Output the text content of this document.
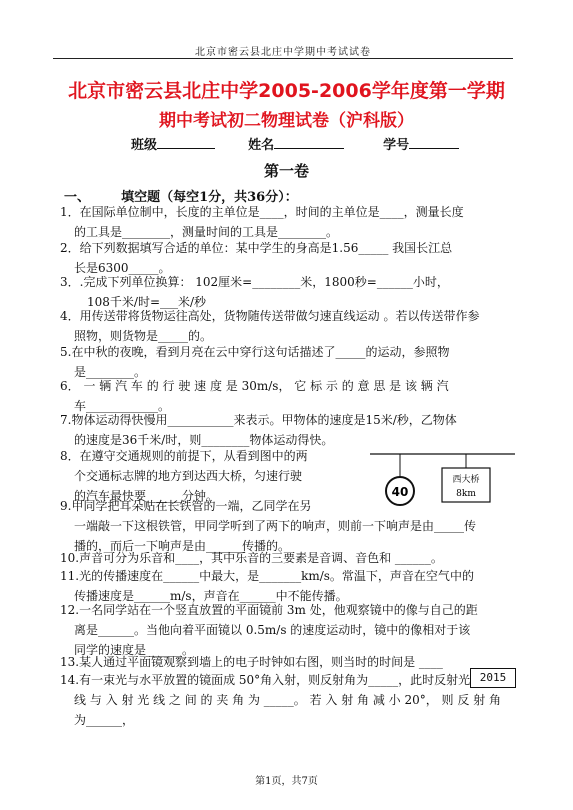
北京市密云县北庄中学期中考试试卷
北京市密云县北庄中学2005-2006学年度第一学期
期中考试初二物理试卷（沪科版）
班级	姓名	学号
第一卷
一、 填空题（每空1分，共36分）：
1．在国际单位制中，长度的主单位是____，时间的主单位是____，测量长度
的工具是________，测量时间的工具是________。
2．给下列数据填写合适的单位：某中学生的身高是1.56_____ 我国长江总
长是6300_____。
3．.完成下列单位换算： 102厘米=________米，1800秒=______小时，
108千米/时=___米/秒
4．用传送带将货物运往高处，货物随传送带做匀速直线运动 。若以传送带作参
照物，则货物是_____的。
5.在中秋的夜晚，看到月亮在云中穿行这句话描述了_____的运动，参照物
是________。
6． 一 辆 汽 车 的 行 驶 速 度 是 30m/s， 它 标 示 的 意 思 是 该 辆 汽
车____________。
7.物体运动得快慢用___________来表示。甲物体的速度是15米/秒，乙物体
的速度是36千米/时，则________物体运动得快。
8．在遵守交通规则的前提下，从看到图中的两
个交通标志牌的地方到达西大桥，匀速行驶
的汽车最快要______分钟。	40
西大桥
8km
9.甲同学把耳朵贴在长铁管的一端，乙同学在另
一端敲一下这根铁管，甲同学听到了两下的响声，则前一下响声是由_____传
播的，而后一下响声是由______传播的。
10.声音可分为乐音和____，其中乐音的三要素是音调、音色和 ______。
11.光的传播速度在______中最大，是_______km/s。常温下，声音在空气中的
传播速度是______m/s，声音在______中不能传播。
12.一名同学站在一个竖直放置的平面镜前 3m 处，他观察镜中的像与自己的距
离是______。当他向着平面镜以 0.5m/s 的速度运动时，镜中的像相对于该
同学的速度是______。
13.某人通过平面镜观察到墙上的电子时钟如右图，则当时的时间是 ____
2015
14.有一束光与水平放置的镜面成 50°角入射，则反射角为_____，此时反射光
线 与 入 射 光 线 之 间 的 夹 角 为 _____。 若 入 射 角 减 小 20°， 则 反 射 角
为______，
第1页，共7页
